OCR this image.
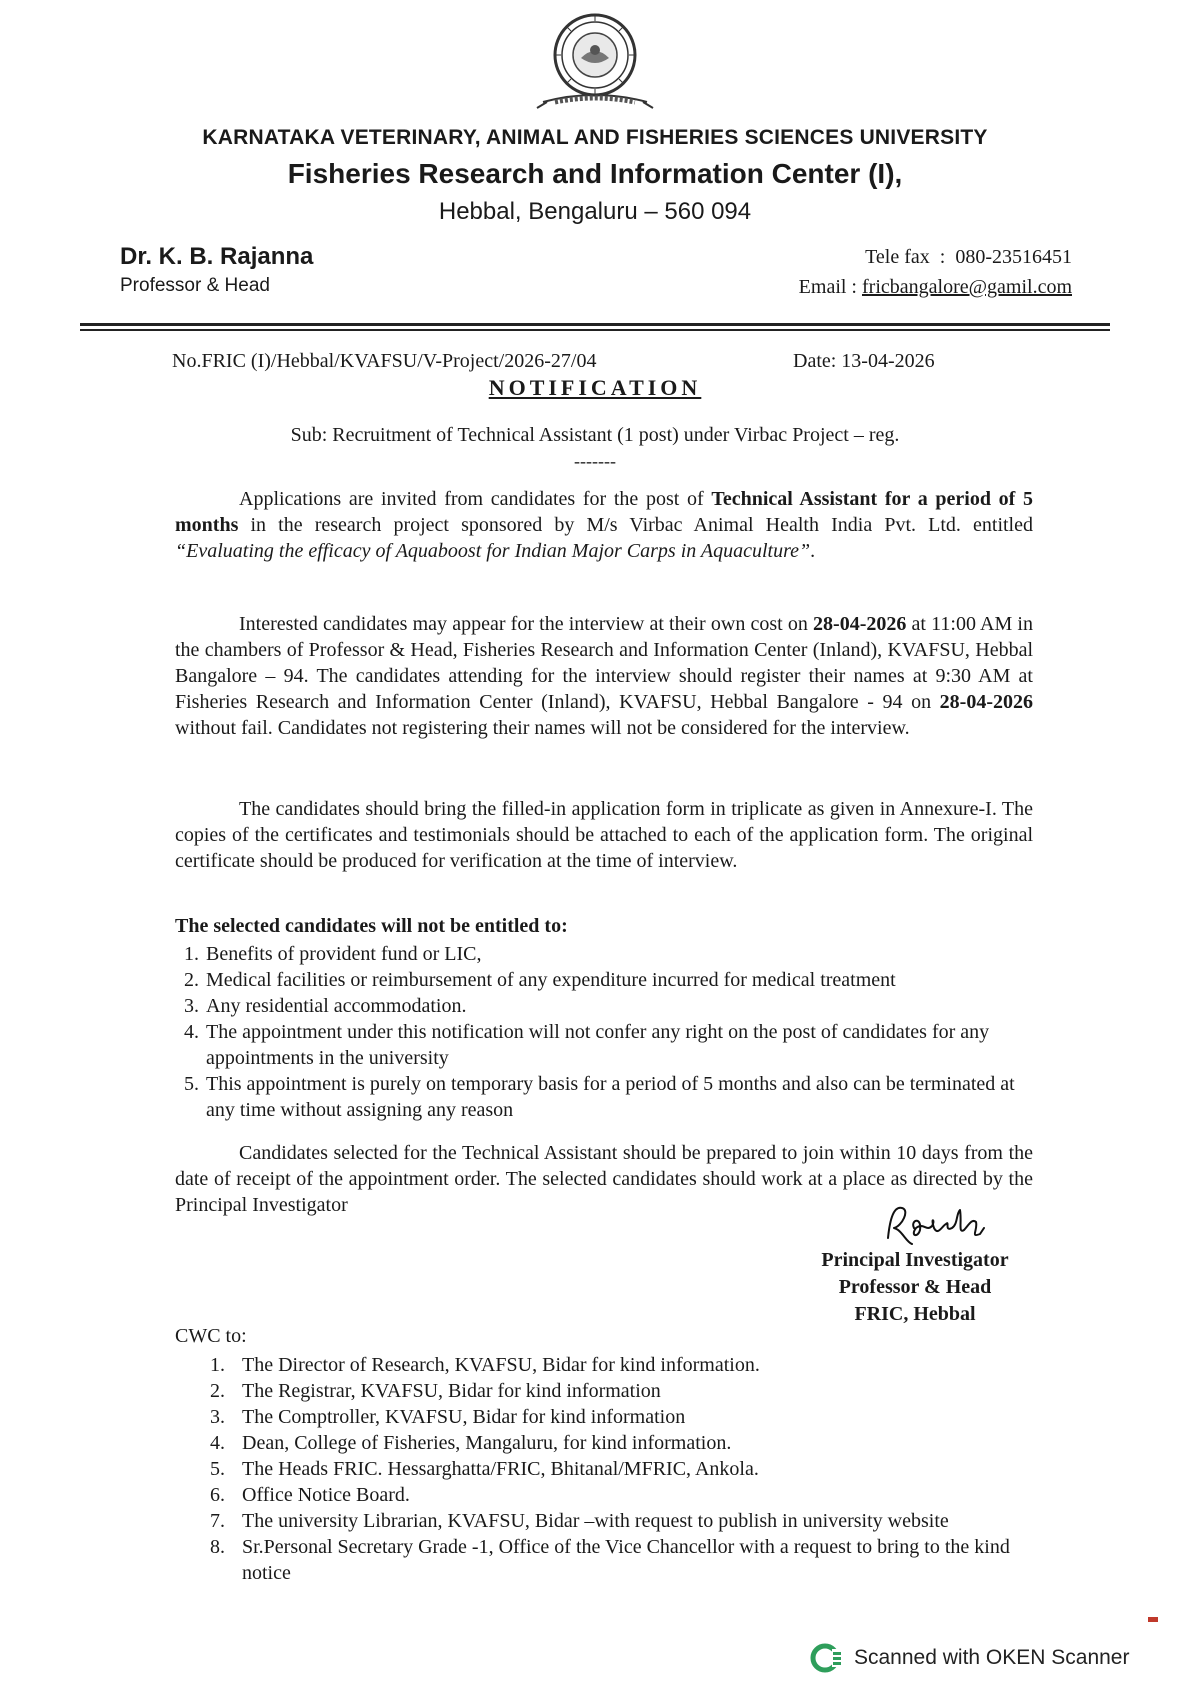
KARNATAKA VETERINARY, ANIMAL AND FISHERIES SCIENCES UNIVERSITY
Fisheries Research and Information Center (I),
Hebbal, Bengaluru – 560 094
Dr. K. B. Rajanna
Professor & Head
Tele fax  :  080-23516451
Email : fricbangalore@gamil.com
No.FRIC (I)/Hebbal/KVAFSU/V-Project/2026-27/04	Date: 13-04-2026
NOTIFICATION
Sub: Recruitment of Technical Assistant (1 post) under Virbac Project – reg.
-------

Applications are invited from candidates for the post of Technical Assistant for a period of 5 months in the research project sponsored by M/s Virbac Animal Health India Pvt. Ltd. entitled “Evaluating the efficacy of Aquaboost for Indian Major Carps in Aquaculture”.

Interested candidates may appear for the interview at their own cost on 28-04-2026 at 11:00 AM in the chambers of Professor & Head, Fisheries Research and Information Center (Inland), KVAFSU, Hebbal Bangalore – 94. The candidates attending for the interview should register their names at 9:30 AM at Fisheries Research and Information Center (Inland), KVAFSU, Hebbal Bangalore - 94 on 28-04-2026 without fail. Candidates not registering their names will not be considered for the interview.

The candidates should bring the filled-in application form in triplicate as given in Annexure-I. The copies of the certificates and testimonials should be attached to each of the application form. The original certificate should be produced for verification at the time of interview.

The selected candidates will not be entitled to:
1. Benefits of provident fund or LIC,
2. Medical facilities or reimbursement of any expenditure incurred for medical treatment
3. Any residential accommodation.
4. The appointment under this notification will not confer any right on the post of candidates for any appointments in the university
5. This appointment is purely on temporary basis for a period of 5 months and also can be terminated at any time without assigning any reason

Candidates selected for the Technical Assistant should be prepared to join within 10 days from the date of receipt of the appointment order. The selected candidates should work at a place as directed by the Principal Investigator

Principal Investigator
Professor & Head
FRIC, Hebbal
CWC to:
1. The Director of Research, KVAFSU, Bidar for kind information.
2. The Registrar, KVAFSU, Bidar for kind information
3. The Comptroller, KVAFSU, Bidar for kind information
4. Dean, College of Fisheries, Mangaluru, for kind information.
5. The Heads FRIC. Hessarghatta/FRIC, Bhitanal/MFRIC, Ankola.
6. Office Notice Board.
7. The university Librarian, KVAFSU, Bidar –with request to publish in university website
8. Sr.Personal Secretary Grade -1, Office of the Vice Chancellor with a request to bring to the kind notice
Scanned with OKEN Scanner
